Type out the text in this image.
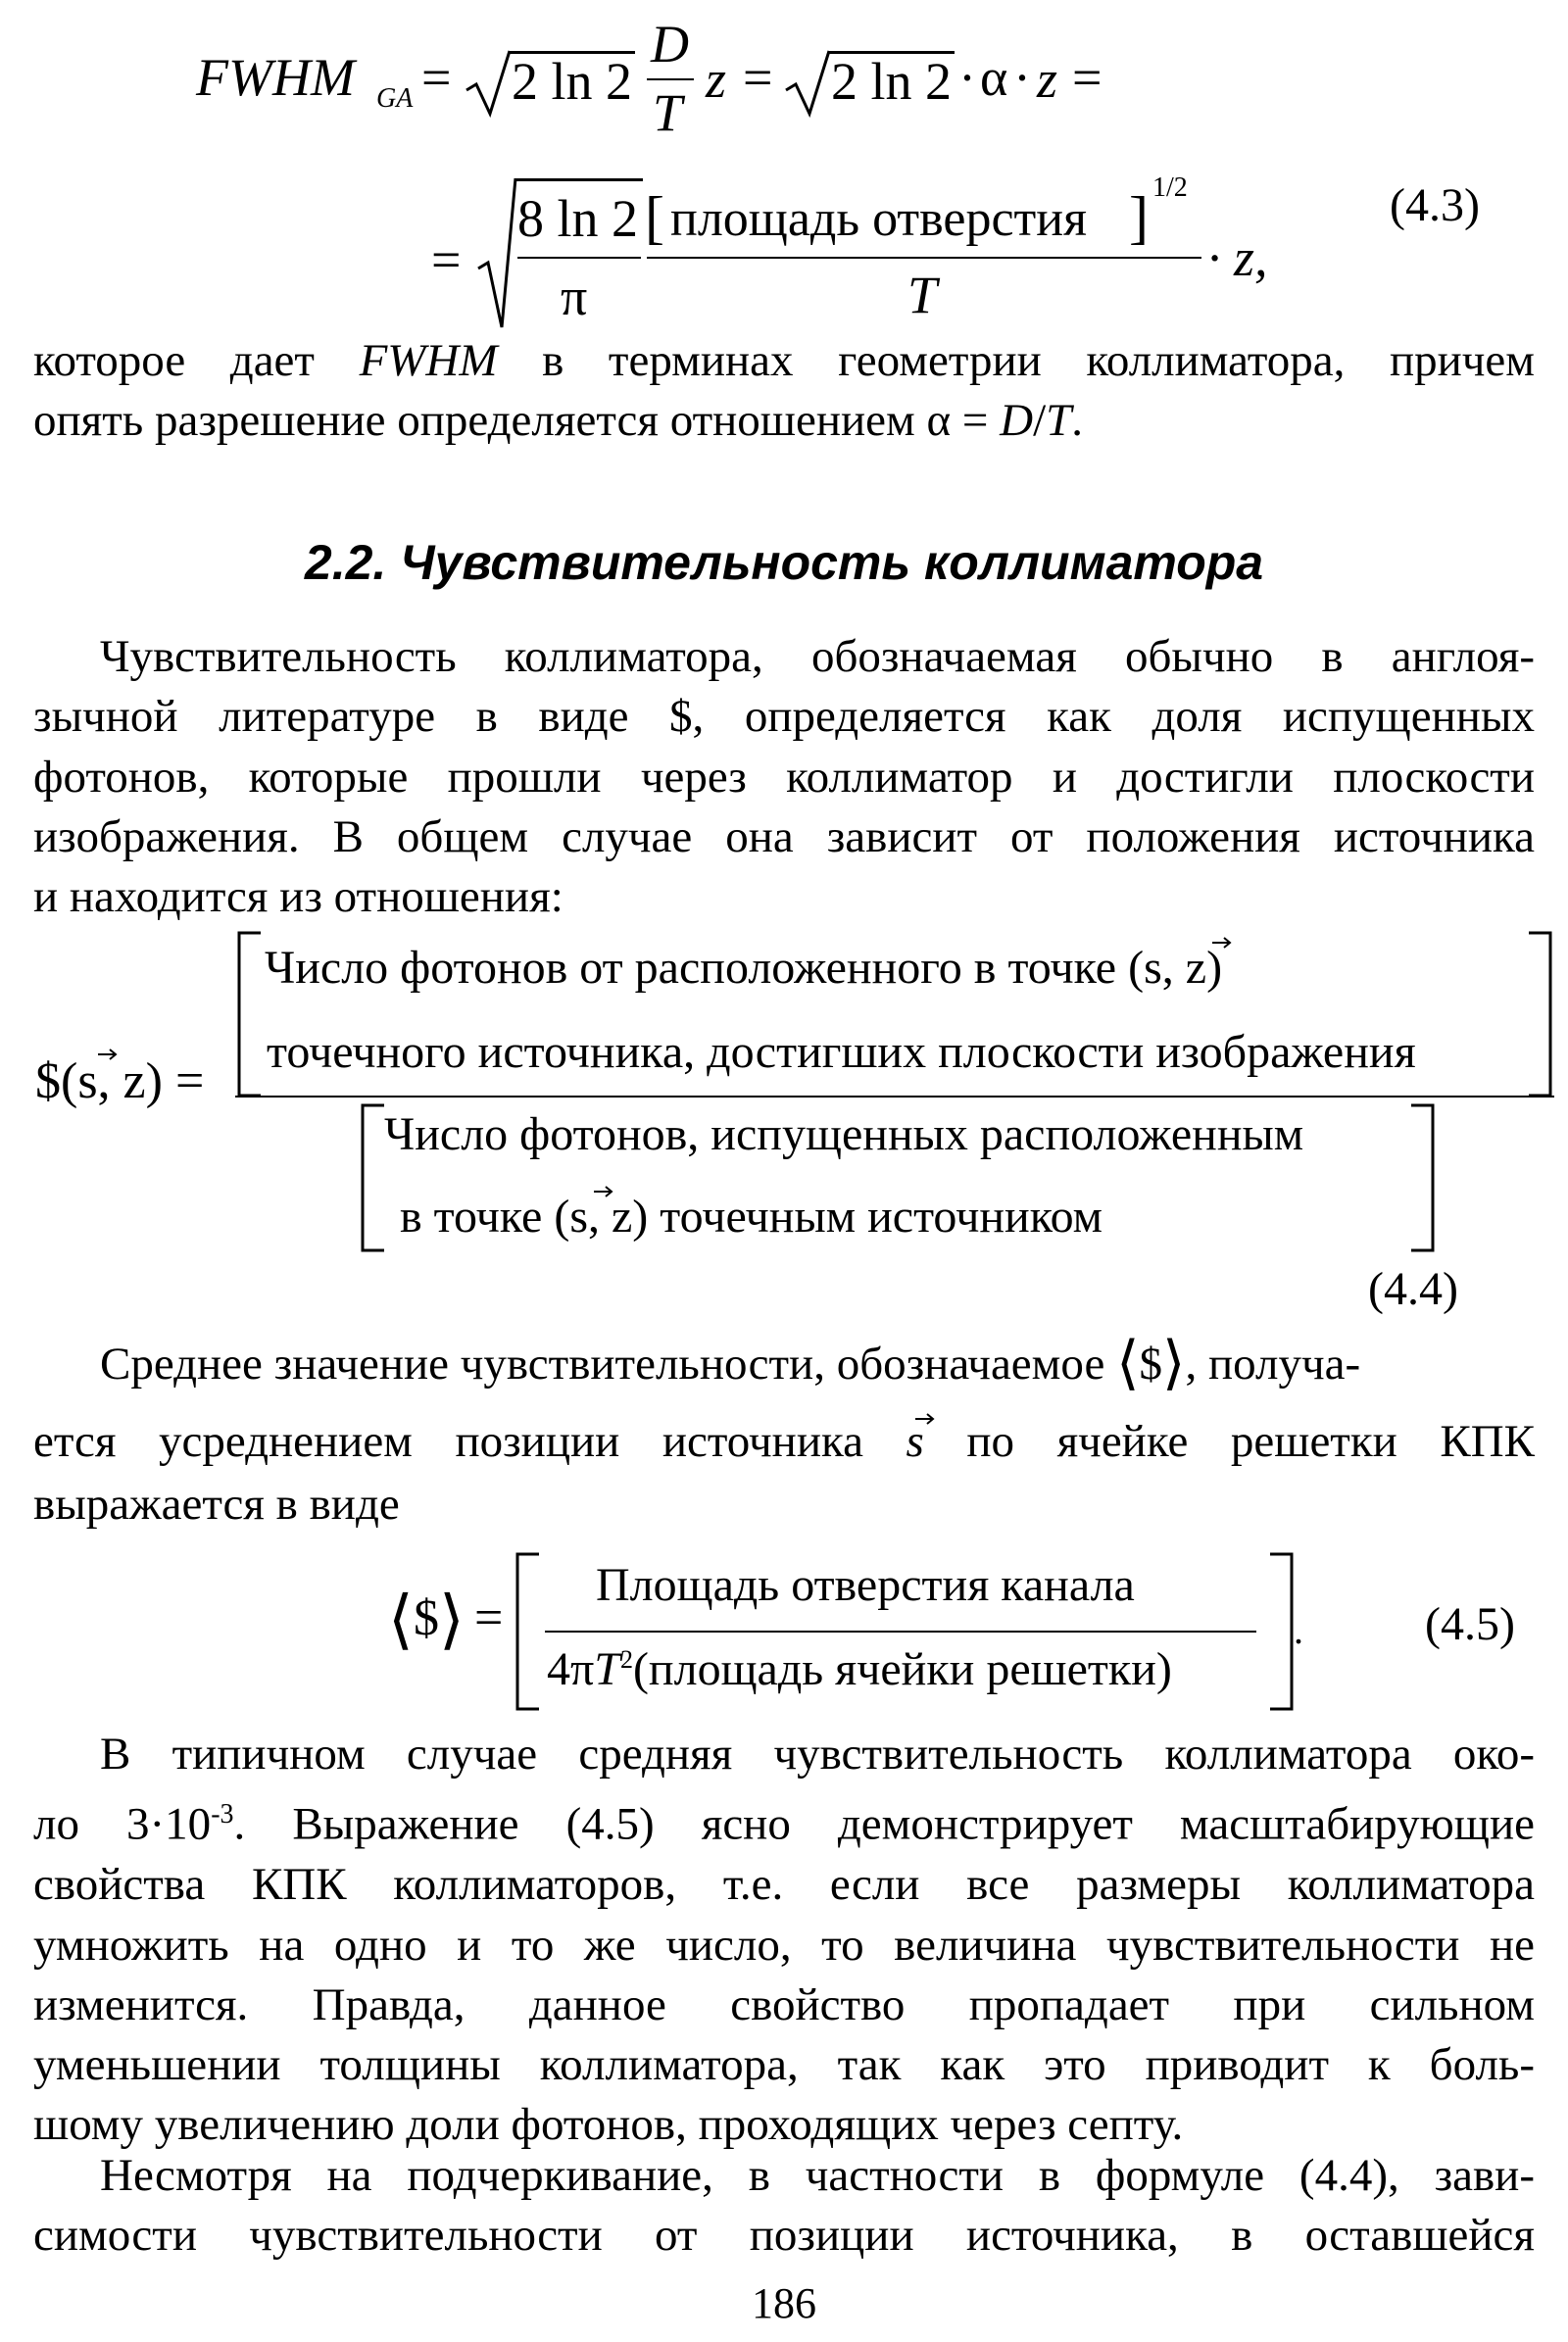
FWHM GA = 2 ln 2
D
T
z = 2 ln 2 · α · z =
=
8 ln 2
π
[ площадь отверстия ] 1/2
T
· z,
(4.3)
которое дает FWHM в терминах геометрии коллиматора, причем
опять разрешение определяется отношением α = D/T.
2.2. Чувствительность коллиматора
Чувствительность коллиматора, обозначаемая обычно в англоя-
зычной литературе в виде $, определяется как доля испущенных
фотонов, которые прошли через коллиматор и достигли плоскости
изображения. В общем случае она зависит от положения источника
и находится из отношения:
$(s, z) =
Число фотонов от расположенного в точке (s, z)
точечного источника, достигших плоскости изображения
Число фотонов, испущенных расположенным
в точке (s, z) точечным источником
(4.4)
Среднее значение чувствительности, обозначаемое ⟨$⟩, получа-
ется усреднением позиции источника s по ячейке решетки КПК
выражается в виде
⟨ $ ⟩ =
Площадь отверстия канала
$4\pi T^2(площадь$ ячейки решетки)
.	(4.5)
В типичном случае средняя чувствительность коллиматора око-
ло $3\cdot 10^{-3}$. Выражение (4.5) ясно демонстрирует масштабирующие
свойства КПК коллиматоров, т.е. если все размеры коллиматора
умножить на одно и то же число, то величина чувствительности не
изменится. Правда, данное свойство пропадает при сильном
уменьшении толщины коллиматора, так как это приводит к боль-
шому увеличению доли фотонов, проходящих через септу.
Несмотря на подчеркивание, в частности в формуле (4.4), зави-
симости чувствительности от позиции источника, в оставшейся
186
